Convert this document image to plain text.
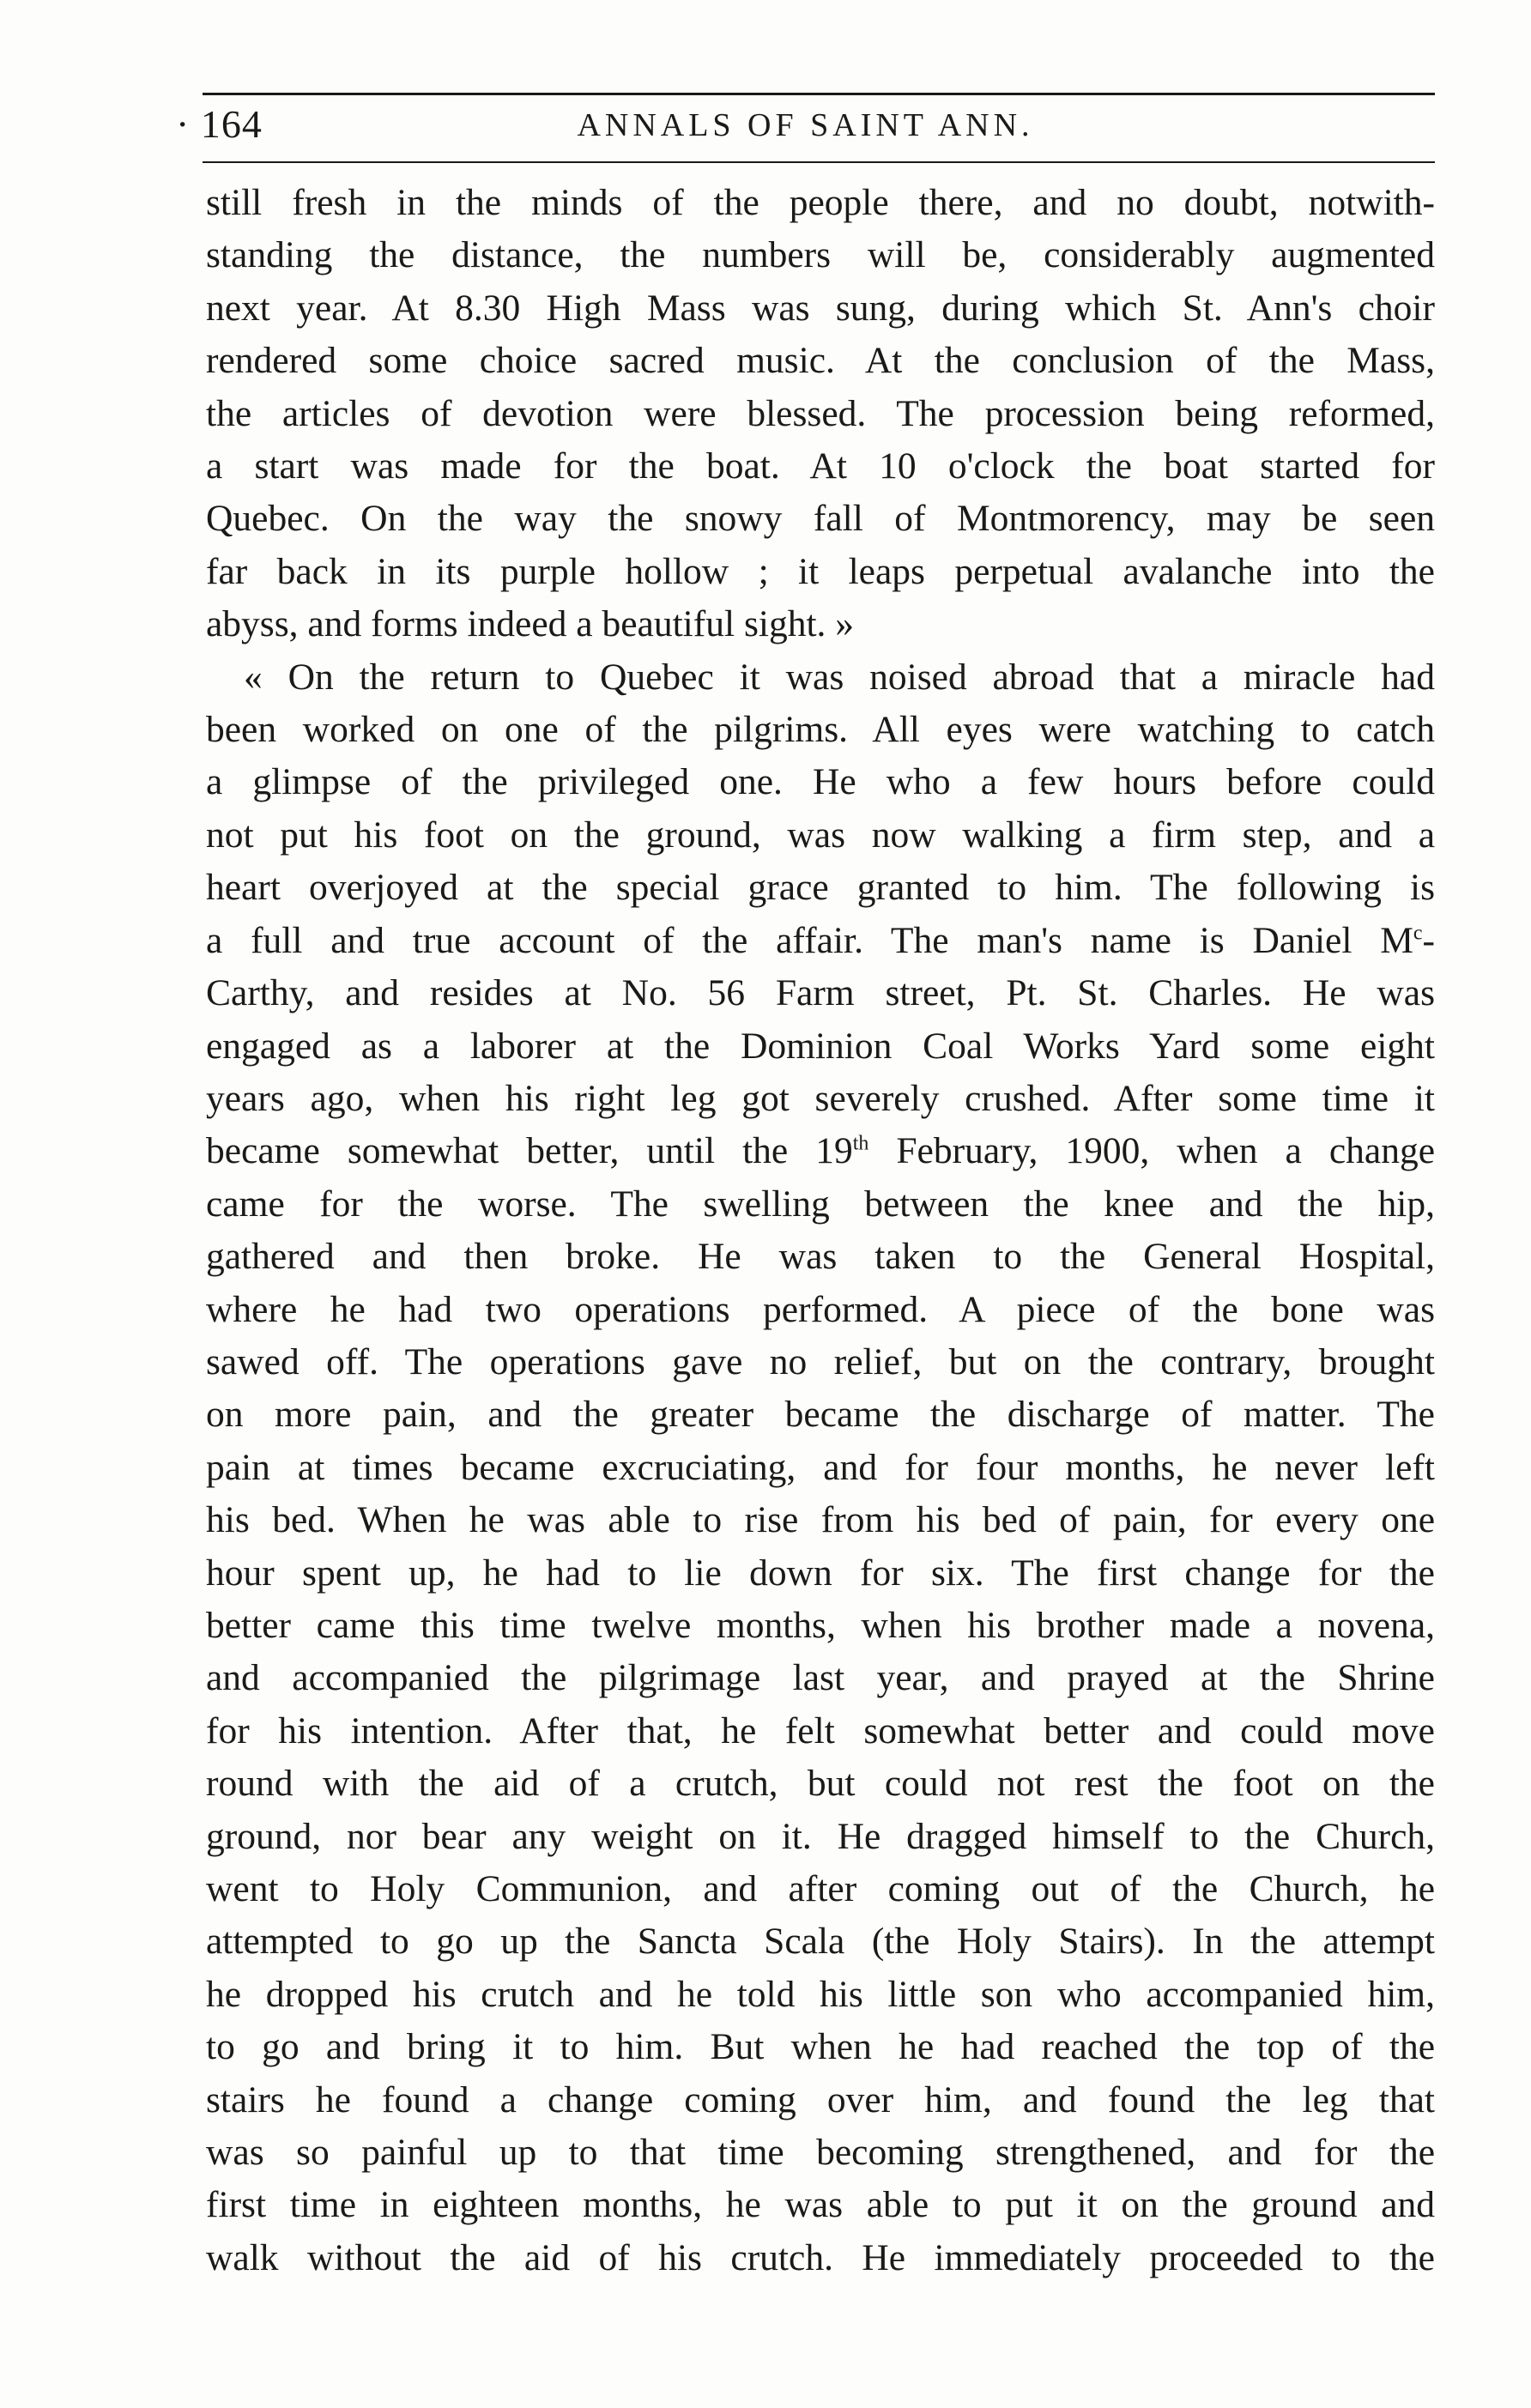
· 164	ANNALS OF SAINT ANN.
still fresh in the minds of the people there, and no doubt, notwith-
standing the distance, the numbers will be, considerably augmented
next year. At 8.30 High Mass was sung, during which St. Ann's choir
rendered some choice sacred music. At the conclusion of the Mass,
the articles of devotion were blessed. The procession being reformed,
a start was made for the boat. At 10 o'clock the boat started for
Quebec. On the way the snowy fall of Montmorency, may be seen
far back in its purple hollow ; it leaps perpetual avalanche into the
abyss, and forms indeed a beautiful sight. »
« On the return to Quebec it was noised abroad that a miracle had
been worked on one of the pilgrims. All eyes were watching to catch
a glimpse of the privileged one. He who a few hours before could
not put his foot on the ground, was now walking a firm step, and a
heart overjoyed at the special grace granted to him. The following is
a full and true account of the affair. The man's name is Daniel $M^c-$
Carthy, and resides at No. 56 Farm street, Pt. St. Charles. He was
engaged as a laborer at the Dominion Coal Works Yard some eight
years ago, when his right leg got severely crushed. After some time it
became somewhat better, until the 19th February, 1900, when a change
came for the worse. The swelling between the knee and the hip,
gathered and then broke. He was taken to the General Hospital,
where he had two operations performed. A piece of the bone was
sawed off. The operations gave no relief, but on the contrary, brought
on more pain, and the greater became the discharge of matter. The
pain at times became excruciating, and for four months, he never left
his bed. When he was able to rise from his bed of pain, for every one
hour spent up, he had to lie down for six. The first change for the
better came this time twelve months, when his brother made a novena,
and accompanied the pilgrimage last year, and prayed at the Shrine
for his intention. After that, he felt somewhat better and could move
round with the aid of a crutch, but could not rest the foot on the
ground, nor bear any weight on it. He dragged himself to the Church,
went to Holy Communion, and after coming out of the Church, he
attempted to go up the Sancta Scala (the Holy Stairs). In the attempt
he dropped his crutch and he told his little son who accompanied him,
to go and bring it to him. But when he had reached the top of the
stairs he found a change coming over him, and found the leg that
was so painful up to that time becoming strengthened, and for the
first time in eighteen months, he was able to put it on the ground and
walk without the aid of his crutch. He immediately proceeded to the
